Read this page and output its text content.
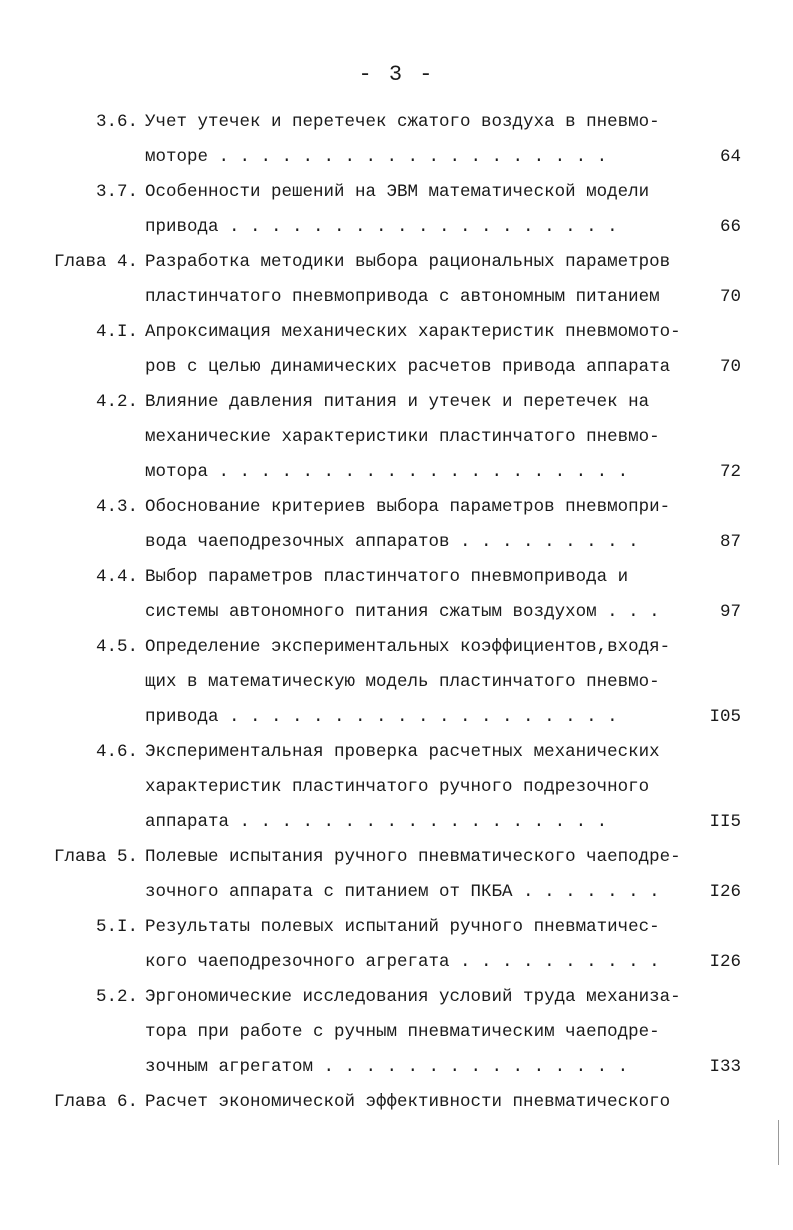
- 3 -
3.6. Учет утечек и перетечек сжатого воздуха в пневмо-
моторе . . . . . . . . . . . . . . . . . . .	64
3.7. Особенности решений на ЭВМ математической модели
привода . . . . . . . . . . . . . . . . . . .	66
Глава 4. Разработка методики выбора рациональных параметров
пластинчатого пневмопривода с автономным питанием	70
4.I. Апроксимация механических характеристик пневмомото-
ров с целью динамических расчетов привода аппарата	70
4.2. Влияние давления питания и утечек и перетечек на
механические характеристики пластинчатого пневмо-
мотора . . . . . . . . . . . . . . . . . . . .	72
4.3. Обоснование критериев выбора параметров пневмопри-
вода чаеподрезочных аппаратов . . . . . . . . .	87
4.4. Выбор параметров пластинчатого пневмопривода и
системы автономного питания сжатым воздухом . . .	97
4.5. Определение экспериментальных коэффициентов,входя-
щих в математическую модель пластинчатого пневмо-
привода . . . . . . . . . . . . . . . . . . .	I05
4.6. Экспериментальная проверка расчетных механических
характеристик пластинчатого ручного подрезочного
аппарата . . . . . . . . . . . . . . . . . .	II5
Глава 5. Полевые испытания ручного пневматического чаеподре-
зочного аппарата с питанием от ПКБА . . . . . . .	I26
5.I. Результаты полевых испытаний ручного пневматичес-
кого чаеподрезочного агрегата . . . . . . . . . .	I26
5.2. Эргономические исследования условий труда механиза-
тора при работе с ручным пневматическим чаеподре-
зочным агрегатом . . . . . . . . . . . . . . .	I33
Глава 6. Расчет экономической эффективности пневматического
